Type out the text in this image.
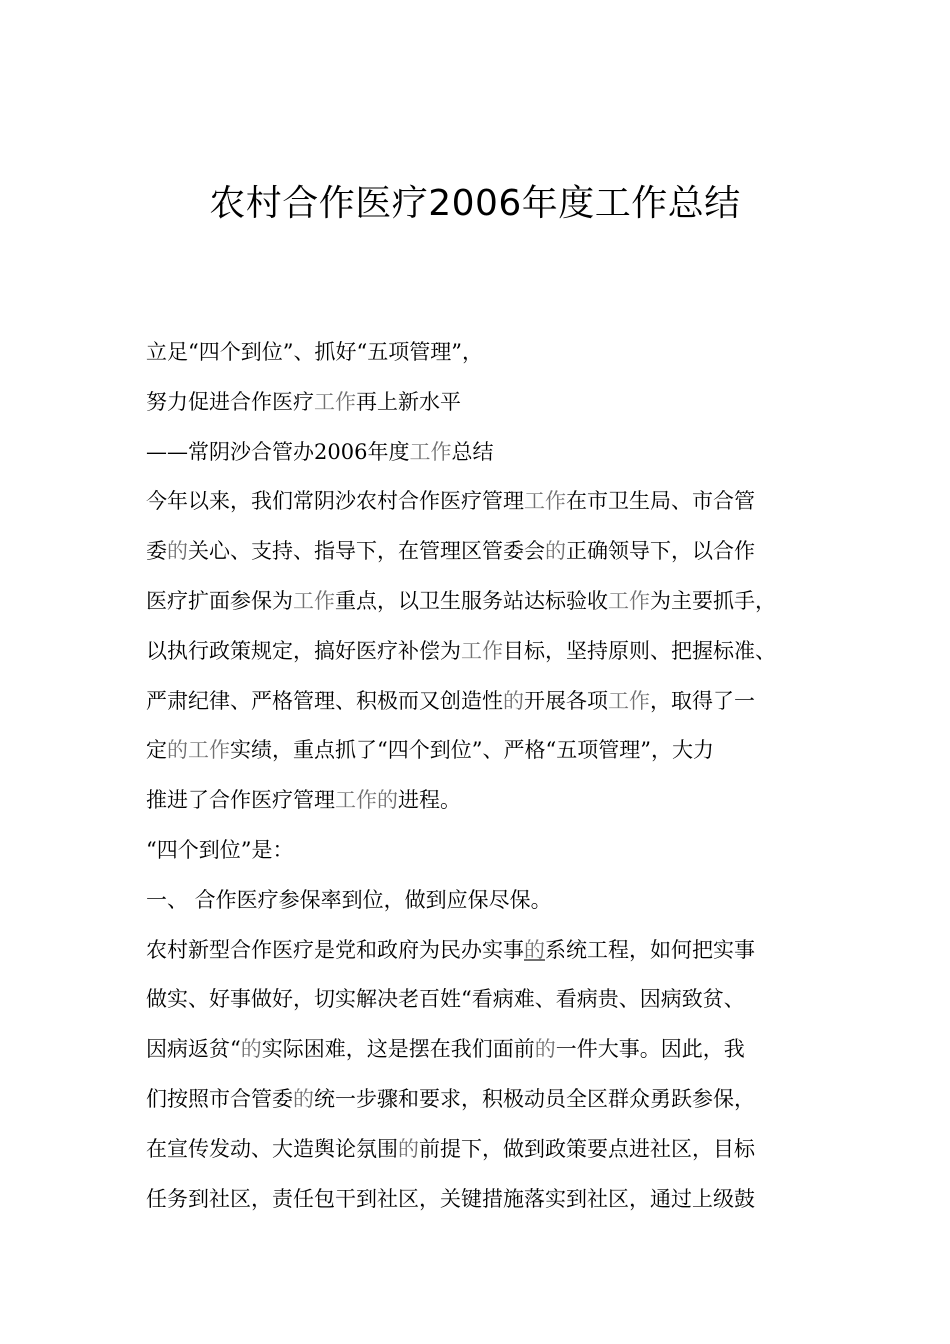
农村合作医疗2006年度工作总结
立足“四个到位”、抓好“五项管理”，
努力促进合作医疗工作再上新水平
——常阴沙合管办2006年度工作总结
今年以来，我们常阴沙农村合作医疗管理工作在市卫生局、市合管
委的关心、支持、指导下，在管理区管委会的正确领导下，以合作
医疗扩面参保为工作重点，以卫生服务站达标验收工作为主要抓手，
以执行政策规定，搞好医疗补偿为工作目标，坚持原则、把握标准、
严肃纪律、严格管理、积极而又创造性的开展各项工作，取得了一
定的工作实绩，重点抓了“四个到位”、严格“五项管理”，大力
推进了合作医疗管理工作的进程。
“四个到位”是：
一、 合作医疗参保率到位，做到应保尽保。
农村新型合作医疗是党和政府为民办实事的系统工程，如何把实事
做实、好事做好，切实解决老百姓“看病难、看病贵、因病致贫、
因病返贫“的实际困难，这是摆在我们面前的一件大事。因此，我
们按照市合管委的统一步骤和要求，积极动员全区群众勇跃参保，
在宣传发动、大造舆论氛围的前提下，做到政策要点进社区，目标
任务到社区，责任包干到社区，关键措施落实到社区，通过上级鼓
